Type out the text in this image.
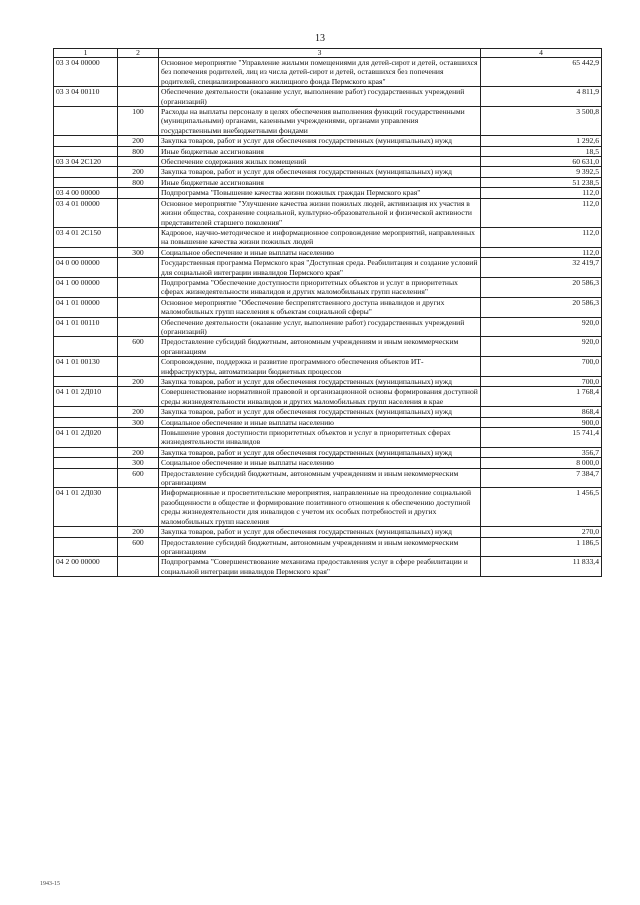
13
1	2	3	4
03 3 04 00000		Основное мероприятие "Управление жилыми помещениями для детей-сирот и детей, оставшихся без попечения родителей, лиц из числа детей-сирот и детей, оставшихся без попечения родителей, специализированного жилищного фонда Пермского края"	65 442,9
03 3 04 00110		Обеспечение деятельности (оказание услуг, выполнение работ) государственных учреждений (организаций)	4 811,9
	100	Расходы на выплаты персоналу в целях обеспечения выполнения функций государственными (муниципальными) органами, казенными учреждениями, органами управления государственными внебюджетными фондами	3 500,8
	200	Закупка товаров, работ и услуг для обеспечения государственных (муниципальных) нужд	1 292,6
	800	Иные бюджетные ассигнования	18,5
03 3 04 2С120		Обеспечение содержания жилых помещений	60 631,0
	200	Закупка товаров, работ и услуг для обеспечения государственных (муниципальных) нужд	9 392,5
	800	Иные бюджетные ассигнования	51 238,5
03 4 00 00000		Подпрограмма "Повышение качества жизни пожилых граждан Пермского края"	112,0
03 4 01 00000		Основное мероприятие "Улучшение качества жизни пожилых людей, активизация их участия в жизни общества, сохранение социальной, культурно-образовательной и физической активности представителей старшего поколения"	112,0
03 4 01 2С150		Кадровое, научно-методическое и информационное сопровождение мероприятий, направленных на повышение качества жизни пожилых людей	112,0
	300	Социальное обеспечение и иные выплаты населению	112,0
04 0 00 00000		Государственная программа Пермского края "Доступная среда. Реабилитация и создание условий для социальной интеграции инвалидов Пермского края"	32 419,7
04 1 00 00000		Подпрограмма "Обеспечение доступности приоритетных объектов и услуг в приоритетных сферах жизнедеятельности инвалидов и других маломобильных групп населения"	20 586,3
04 1 01 00000		Основное мероприятие "Обеспечение беспрепятственного доступа инвалидов и других маломобильных групп населения к объектам социальной сферы"	20 586,3
04 1 01 00110		Обеспечение деятельности (оказание услуг, выполнение работ) государственных учреждений (организаций)	920,0
	600	Предоставление субсидий бюджетным, автономным учреждениям и иным некоммерческим организациям	920,0
04 1 01 00130		Сопровождение, поддержка и развитие программного обеспечения объектов ИТ-инфраструктуры, автоматизации бюджетных процессов	700,0
	200	Закупка товаров, работ и услуг для обеспечения государственных (муниципальных) нужд	700,0
04 1 01 2Д010		Совершенствование нормативной правовой и организационной основы формирования доступной среды жизнедеятельности инвалидов и других маломобильных групп населения в крае	1 768,4
	200	Закупка товаров, работ и услуг для обеспечения государственных (муниципальных) нужд	868,4
	300	Социальное обеспечение и иные выплаты населению	900,0
04 1 01 2Д020		Повышение уровня доступности приоритетных объектов и услуг в приоритетных сферах жизнедеятельности инвалидов	15 741,4
	200	Закупка товаров, работ и услуг для обеспечения государственных (муниципальных) нужд	356,7
	300	Социальное обеспечение и иные выплаты населению	8 000,0
	600	Предоставление субсидий бюджетным, автономным учреждениям и иным некоммерческим организациям	7 384,7
04 1 01 2Д030		Информационные и просветительские мероприятия, направленные на преодоление социальной разобщенности в обществе и формирование позитивного отношения к обеспечению доступной среды жизнедеятельности для инвалидов с учетом их особых потребностей и других маломобильных групп населения	1 456,5
	200	Закупка товаров, работ и услуг для обеспечения государственных (муниципальных) нужд	270,0
	600	Предоставление субсидий бюджетным, автономным учреждениям и иным некоммерческим организациям	1 186,5
04 2 00 00000		Подпрограмма "Совершенствование механизма предоставления услуг в сфере реабилитации и социальной интеграции инвалидов Пермского края"	11 833,4
1943-15
